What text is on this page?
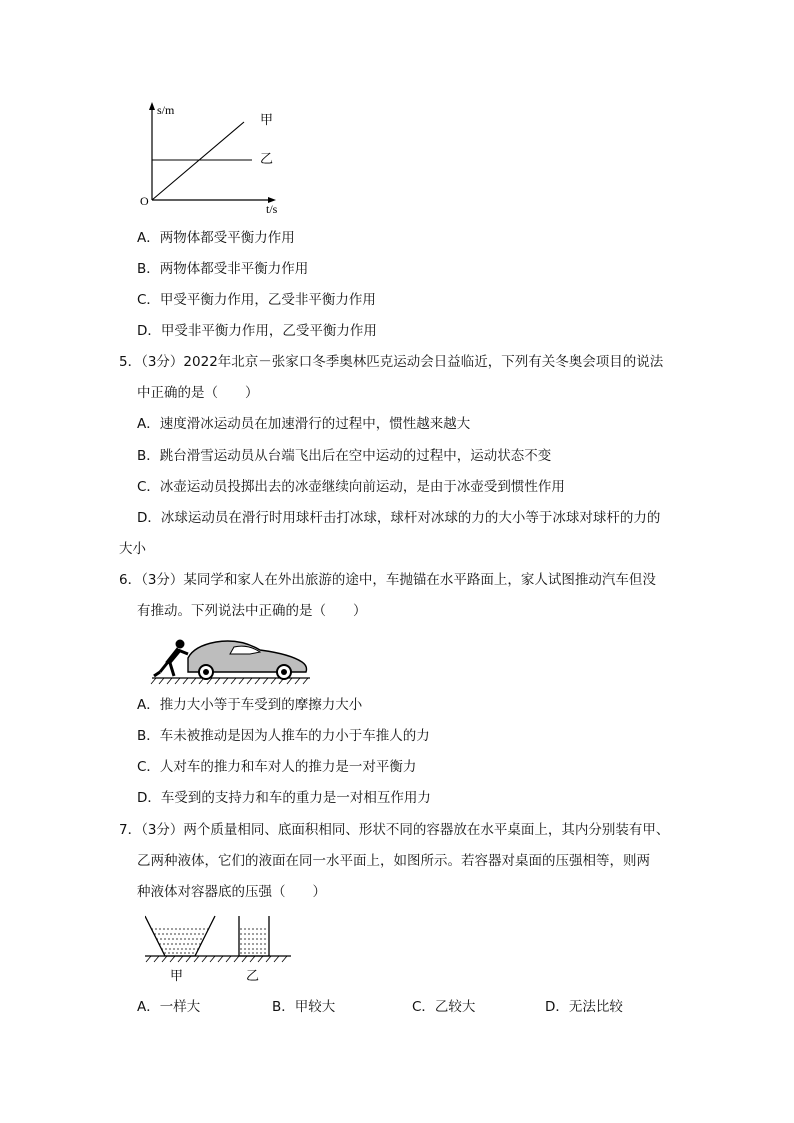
s/m
t/s
O
甲
乙
A．两物体都受平衡力作用
B．两物体都受非平衡力作用
C．甲受平衡力作用，乙受非平衡力作用
D．甲受非平衡力作用，乙受平衡力作用
5．（3分）2022年北京－张家口冬季奥林匹克运动会日益临近，下列有关冬奥会项目的说法
中正确的是（　　）
A．速度滑冰运动员在加速滑行的过程中，惯性越来越大
B．跳台滑雪运动员从台端飞出后在空中运动的过程中，运动状态不变
C．冰壶运动员投掷出去的冰壶继续向前运动，是由于冰壶受到惯性作用
D．冰球运动员在滑行时用球杆击打冰球，球杆对冰球的力的大小等于冰球对球杆的力的
大小
6．（3分）某同学和家人在外出旅游的途中，车抛锚在水平路面上，家人试图推动汽车但没
有推动。下列说法中正确的是（　　）
A．推力大小等于车受到的摩擦力大小
B．车未被推动是因为人推车的力小于车推人的力
C．人对车的推力和车对人的推力是一对平衡力
D．车受到的支持力和车的重力是一对相互作用力
7．（3分）两个质量相同、底面积相同、形状不同的容器放在水平桌面上，其内分别装有甲、
乙两种液体，它们的液面在同一水平面上，如图所示。若容器对桌面的压强相等，则两
种液体对容器底的压强（　　）
甲	乙
A．一样大	B．甲较大	C．乙较大	D．无法比较
